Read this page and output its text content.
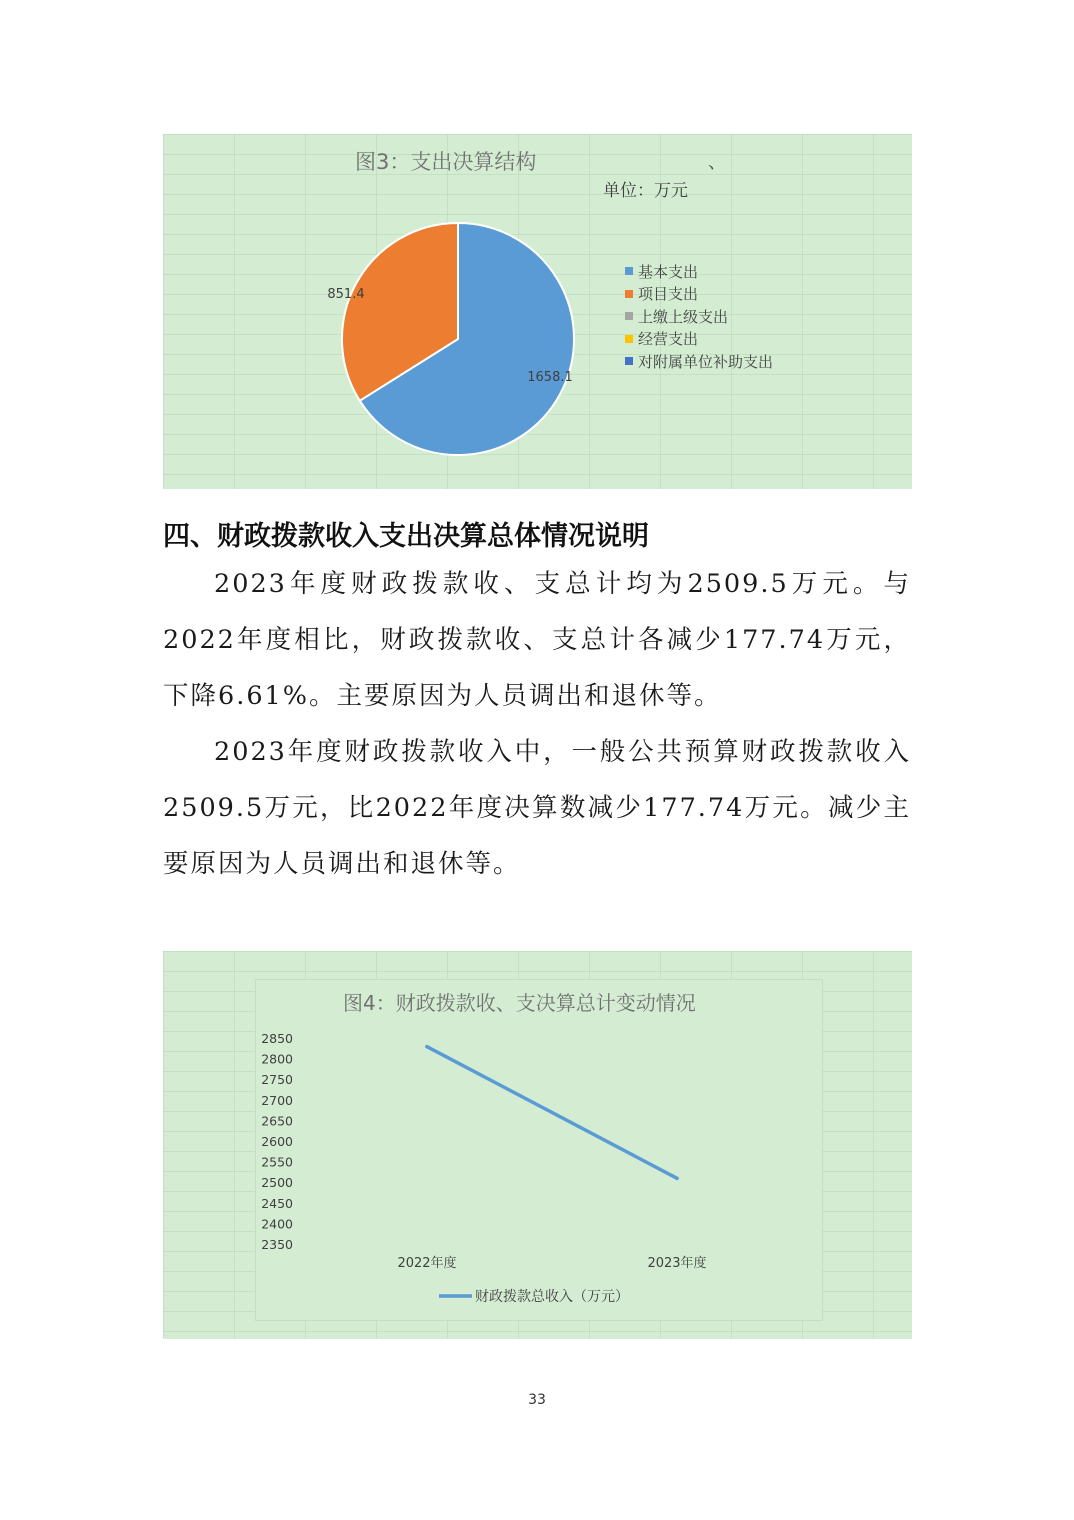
图3：支出决算结构	、
单位：万元
1658.1
851.4
基本支出
项目支出
上缴上级支出
经营支出
对附属单位补助支出
四、财政拨款收入支出决算总体情况说明

2023年度财政拨款收、支总计均为2509.5万元。与2022年度相比，财政拨款收、支总计各减少177.74万元，下降6.61%。主要原因为人员调出和退休等。

2023年度财政拨款收入中，一般公共预算财政拨款收入2509.5万元，比2022年度决算数减少177.74万元。减少主要原因为人员调出和退休等。

图4：财政拨款收、支决算总计变动情况
2850
2800
2750
2700
2650
2600
2550
2500
2450
2400
2350
2022年度	2023年度
财政拨款总收入（万元）
33
